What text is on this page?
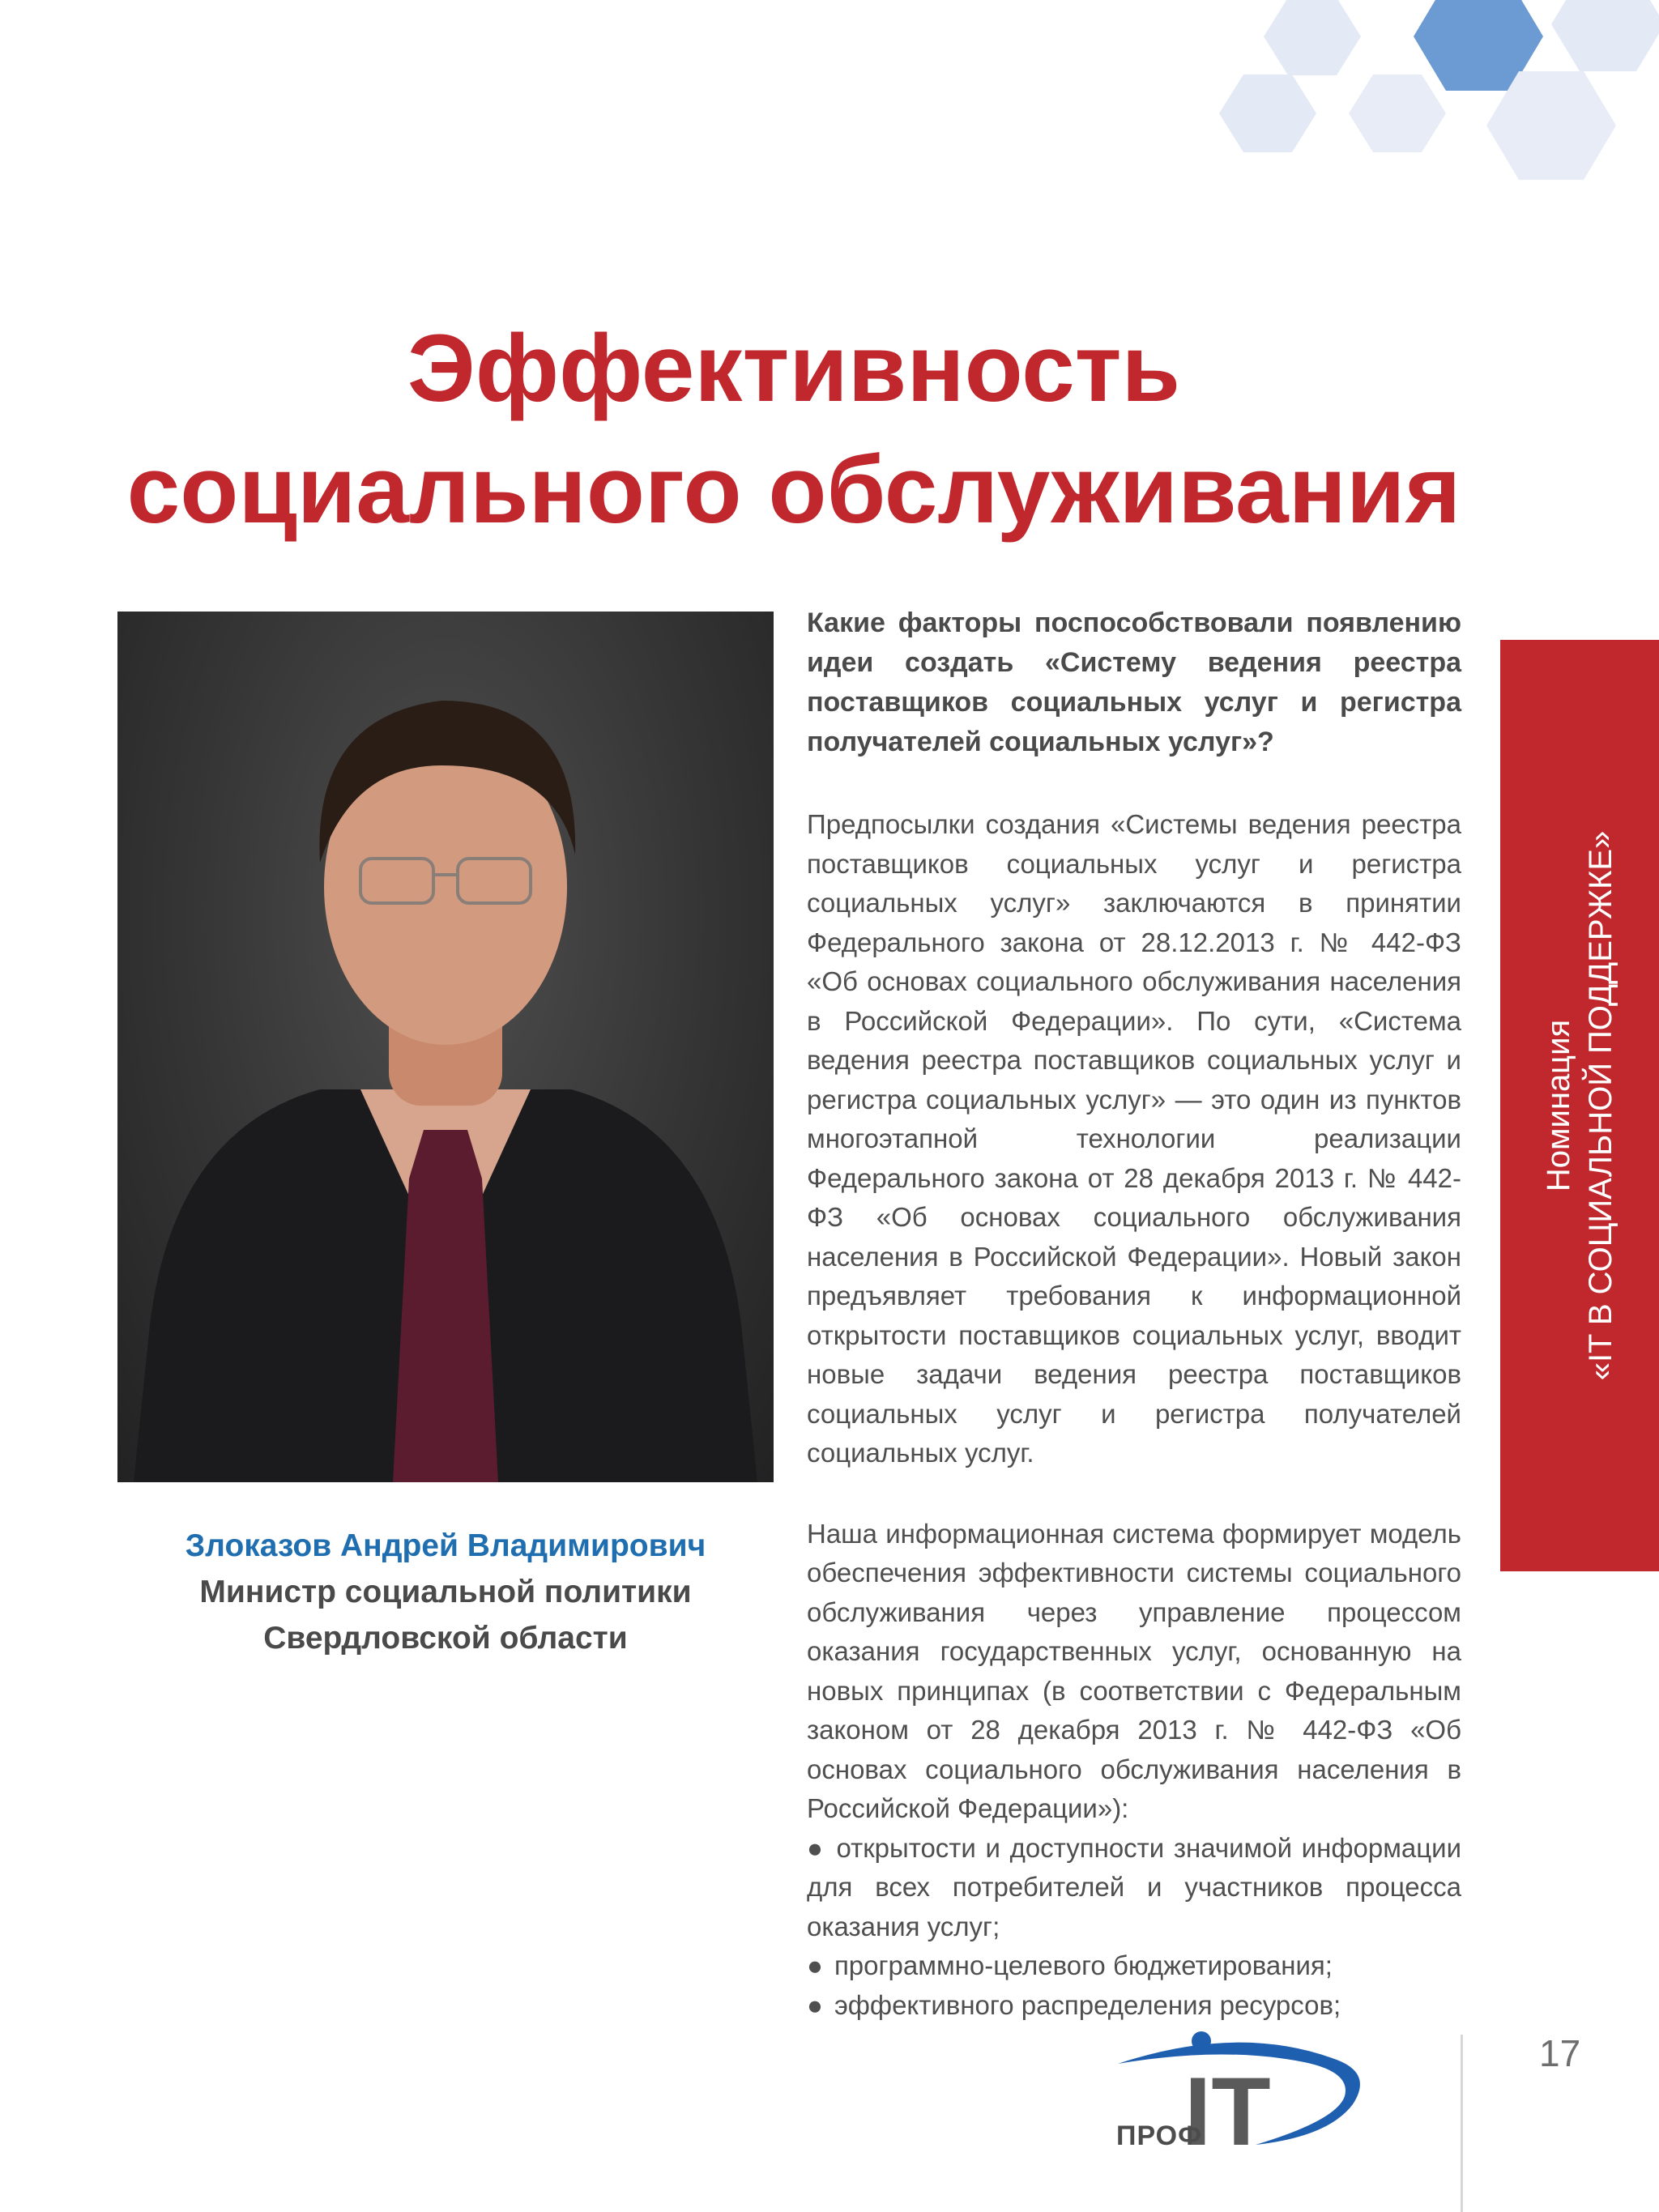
Эффективность
социального обслуживания
Злоказов Андрей Владимирович
Министр социальной политики
Свердловской области

Какие факторы поспособствовали появлению идеи создать «Систему ведения реестра поставщиков социальных услуг и регистра получателей социальных услуг»?

Предпосылки создания «Системы ведения реестра поставщиков социальных услуг и регистра социальных услуг» заключаются в принятии Федерального закона от 28.12.2013 г. № 442-ФЗ «Об основах социального обслуживания населения в Российской Федерации». По сути, «Система ведения реестра поставщиков социальных услуг и регистра социальных услуг» — это один из пунктов многоэтапной технологии реализации Федерального закона от 28 декабря 2013 г. № 442-ФЗ «Об основах социального обслуживания населения в Российской Федерации». Новый закон предъявляет требования к информационной открытости поставщиков социальных услуг, вводит новые задачи ведения реестра поставщиков социальных услуг и регистра получателей социальных услуг.

Наша информационная система формирует модель обеспечения эффективности системы социального обслуживания через управление процессом оказания государственных услуг, основанную на новых принципах (в соответствии с Федеральным законом от 28 декабря 2013 г. № 442-ФЗ «Об основах социального обслуживания населения в Российской Федерации»):

● открытости и доступности значимой информации для всех потребителей и участников процесса оказания услуг;
● программно-целевого бюджетирования;
● эффективного распределения ресурсов;
Номинация «IT В СОЦИАЛЬНОЙ ПОДДЕРЖКЕ»
IT
ПРОФ
17
